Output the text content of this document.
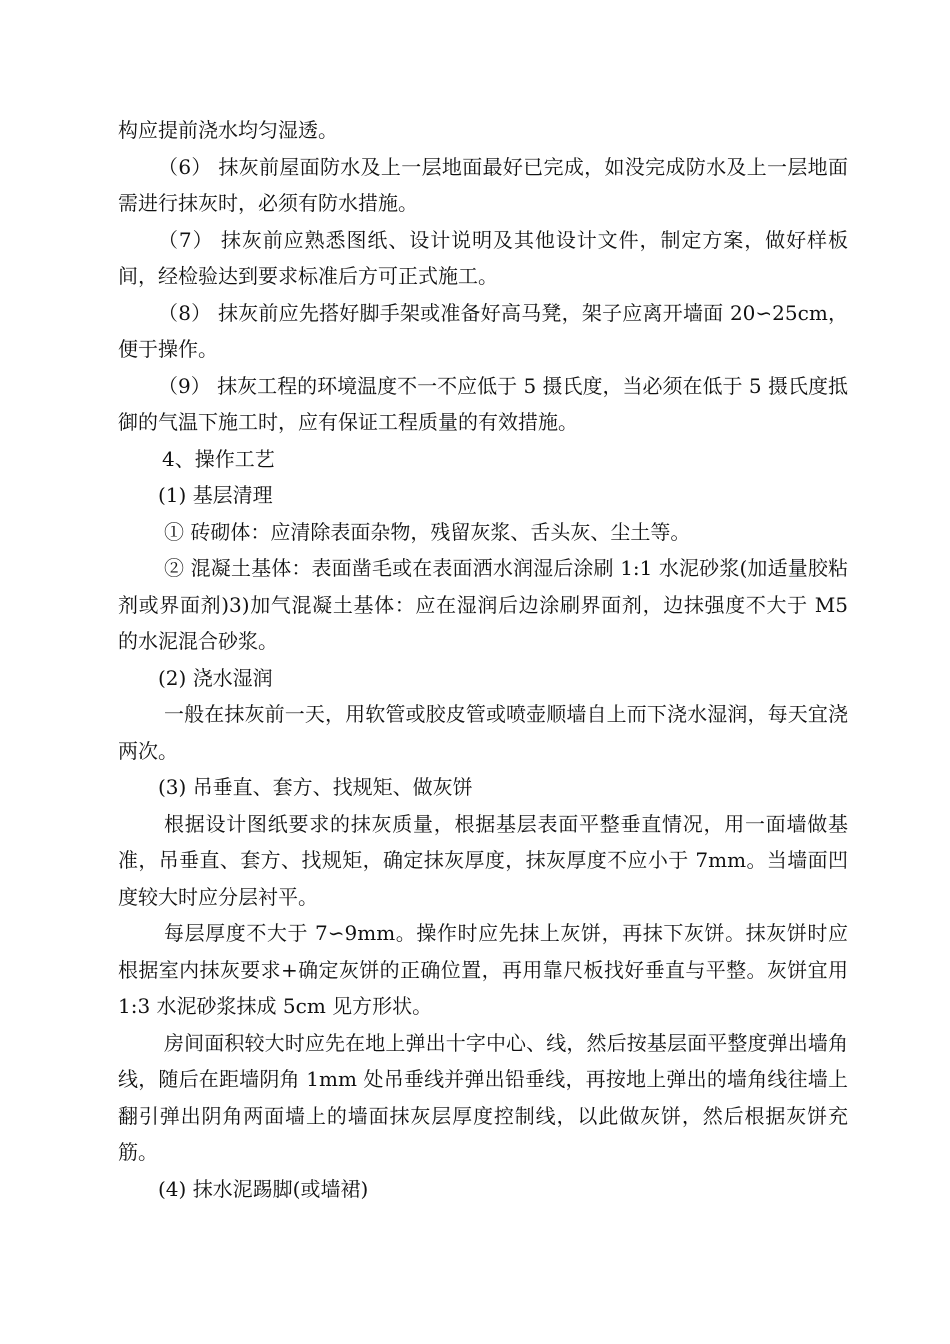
构应提前浇水均匀湿透。

（6） 抹灰前屋面防水及上一层地面最好已完成，如没完成防水及上一层地面需进行抹灰时，必须有防水措施。

（7） 抹灰前应熟悉图纸、设计说明及其他设计文件，制定方案，做好样板间，经检验达到要求标准后方可正式施工。

（8） 抹灰前应先搭好脚手架或准备好高马凳，架子应离开墙面 20∽25cm，便于操作。

（9） 抹灰工程的环境温度不一不应低于 5 摄氏度，当必须在低于 5 摄氏度抵御的气温下施工时，应有保证工程质量的有效措施。

4、操作工艺

(1) 基层清理

① 砖砌体：应清除表面杂物，残留灰浆、舌头灰、尘土等。

② 混凝土基体：表面凿毛或在表面洒水润湿后涂刷 1:1 水泥砂浆(加适量胶粘剂或界面剂)3)加气混凝土基体：应在湿润后边涂刷界面剂，边抹强度不大于 M5 的水泥混合砂浆。

(2) 浇水湿润

一般在抹灰前一天，用软管或胶皮管或喷壶顺墙自上而下浇水湿润，每天宜浇两次。

(3) 吊垂直、套方、找规矩、做灰饼

根据设计图纸要求的抹灰质量，根据基层表面平整垂直情况，用一面墙做基准，吊垂直、套方、找规矩，确定抹灰厚度，抹灰厚度不应小于 7mm。当墙面凹度较大时应分层衬平。

每层厚度不大于 7∽9mm。操作时应先抹上灰饼，再抹下灰饼。抹灰饼时应根据室内抹灰要求+确定灰饼的正确位置，再用靠尺板找好垂直与平整。灰饼宜用 1:3 水泥砂浆抹成 5cm 见方形状。

房间面积较大时应先在地上弹出十字中心、线，然后按基层面平整度弹出墙角线，随后在距墙阴角 1mm 处吊垂线并弹出铅垂线，再按地上弹出的墙角线往墙上翻引弹出阴角两面墙上的墙面抹灰层厚度控制线，以此做灰饼，然后根据灰饼充筋。

(4) 抹水泥踢脚(或墙裙)
